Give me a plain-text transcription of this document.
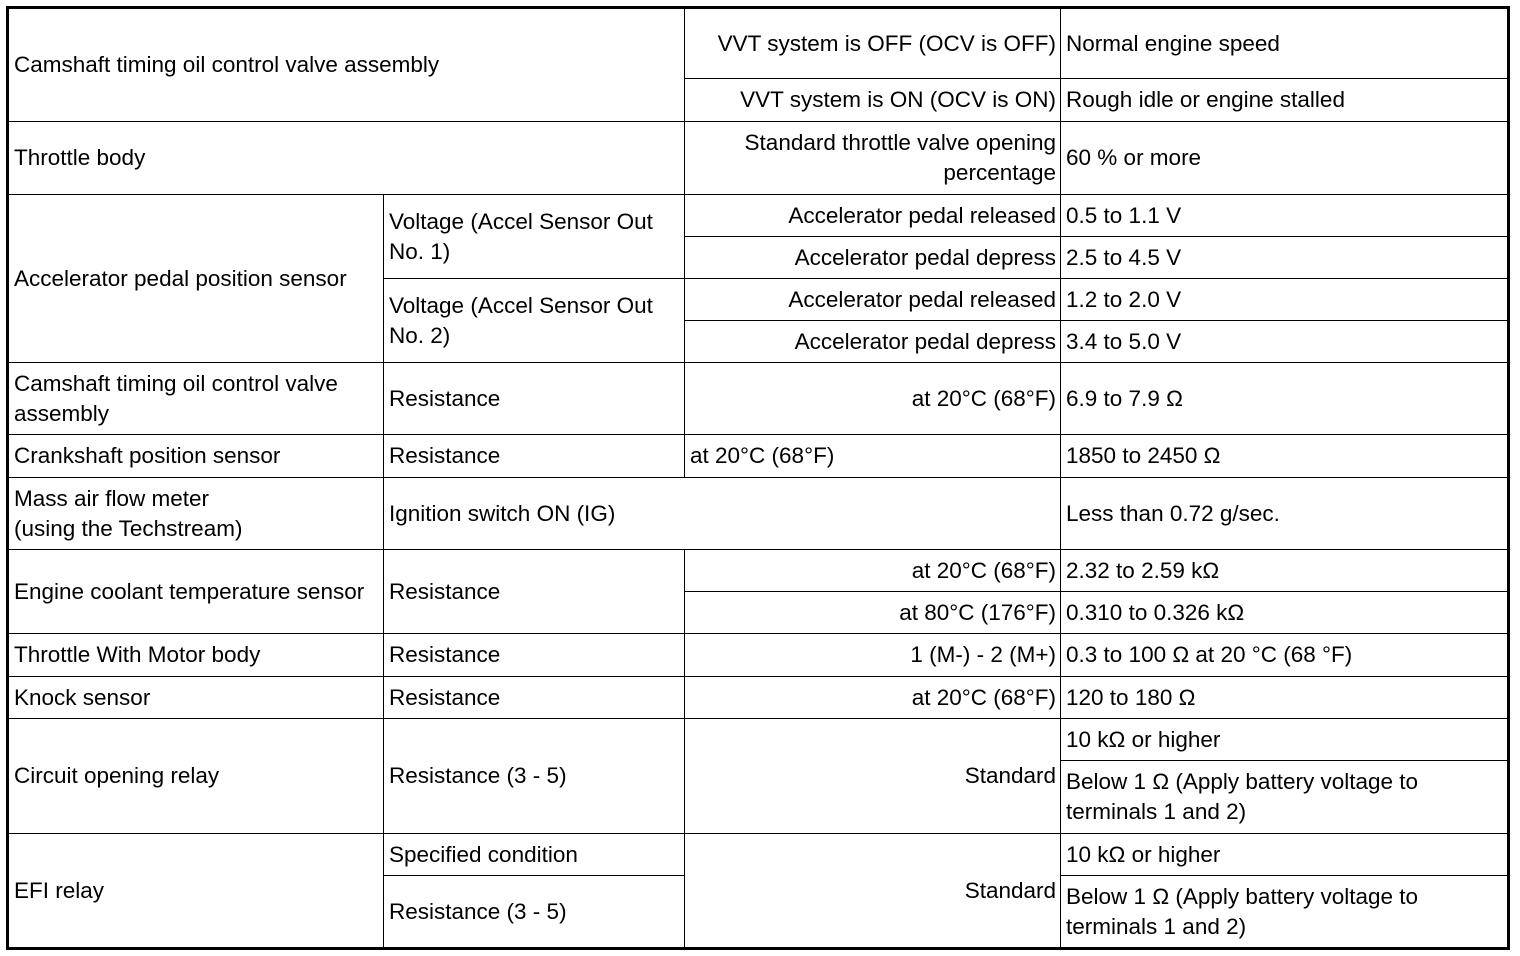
Camshaft timing oil control valve assembly		VVT system is OFF (OCV is OFF)	Normal engine speed
		VVT system is ON (OCV is ON)	Rough idle or engine stalled
Throttle body		Standard throttle valve opening percentage	60 % or more
Accelerator pedal position sensor	Voltage (Accel Sensor Out No. 1)	Accelerator pedal released	0.5 to 1.1 V
		Accelerator pedal depress	2.5 to 4.5 V
	Voltage (Accel Sensor Out No. 2)	Accelerator pedal released	1.2 to 2.0 V
		Accelerator pedal depress	3.4 to 5.0 V
Camshaft timing oil control valve assembly	Resistance	at 20°C (68°F)	6.9 to 7.9 Ω
Crankshaft position sensor	Resistance	at 20°C (68°F)	1850 to 2450 Ω
Mass air flow meter
(using the Techstream)	Ignition switch ON (IG)		Less than 0.72 g/sec.
Engine coolant temperature sensor	Resistance	at 20°C (68°F)	2.32 to 2.59 kΩ
		at 80°C (176°F)	0.310 to 0.326 kΩ
Throttle With Motor body	Resistance	1 (M-) - 2 (M+)	0.3 to 100 Ω at 20 °C (68 °F)
Knock sensor	Resistance	at 20°C (68°F)	120 to 180 Ω
Circuit opening relay	Resistance (3 - 5)	Standard	10 kΩ or higher
			Below 1 Ω (Apply battery voltage to terminals 1 and 2)
EFI relay	Specified condition	Standard	10 kΩ or higher
	Resistance (3 - 5)		Below 1 Ω (Apply battery voltage to terminals 1 and 2)
